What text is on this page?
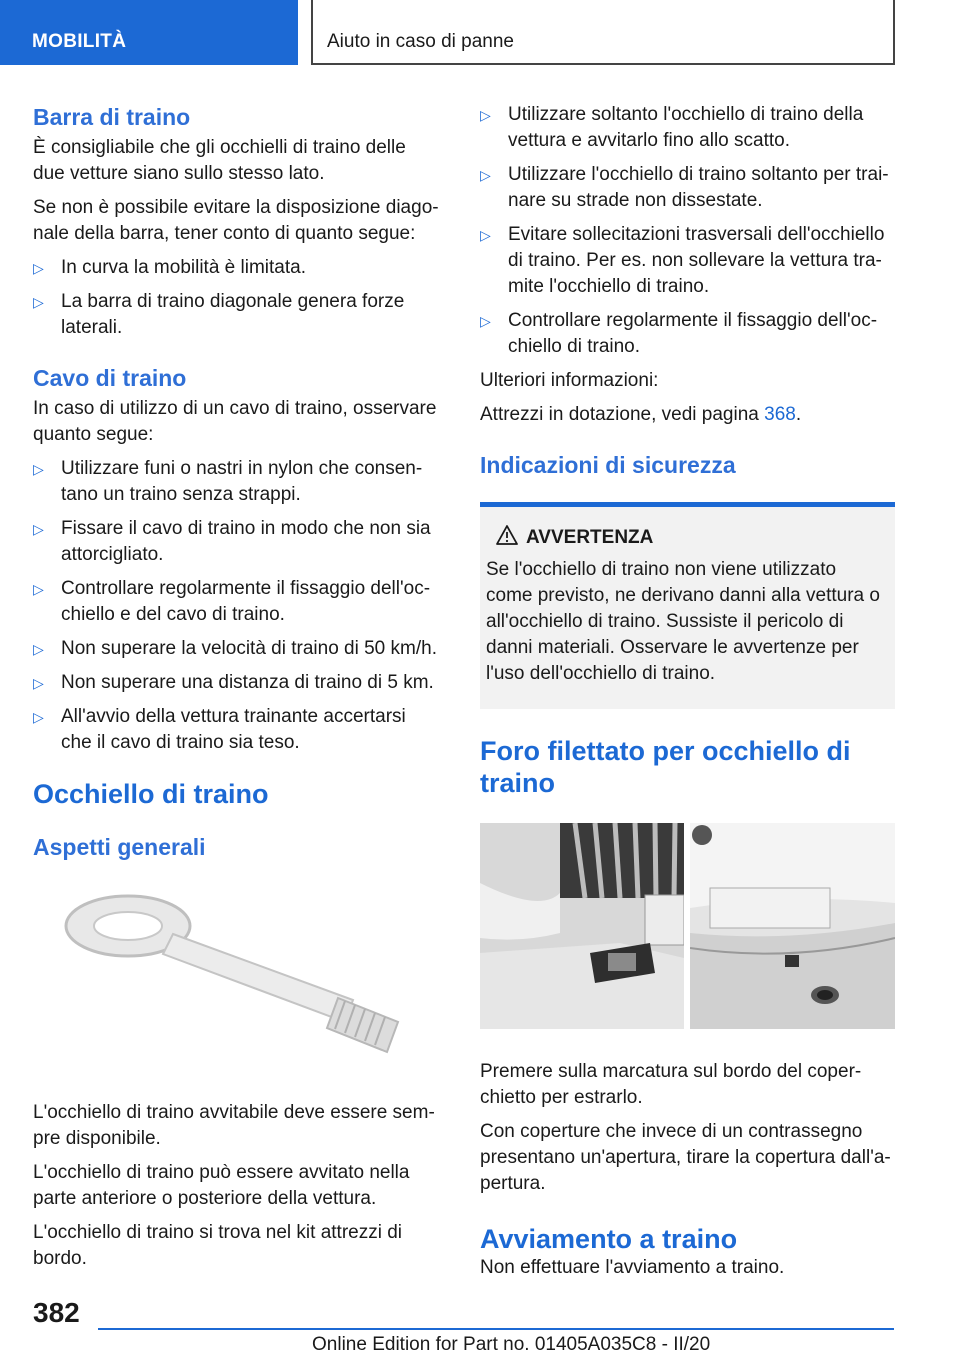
MOBILITÀ	Aiuto in caso di panne
Barra di traino

È consigliabile che gli occhielli di traino delle due vetture siano sullo stesso lato.

Se non è possibile evitare la disposizione diagonale della barra, tener conto di quanto segue:

▷ In curva la mobilità è limitata.
▷ La barra di traino diagonale genera forze laterali.
Cavo di traino

In caso di utilizzo di un cavo di traino, osservare quanto segue:

▷ Utilizzare funi o nastri in nylon che consentano un traino senza strappi.
▷ Fissare il cavo di traino in modo che non sia attorcigliato.
▷ Controllare regolarmente il fissaggio dell'occhiello e del cavo di traino.
▷ Non superare la velocità di traino di 50 km/h.
▷ Non superare una distanza di traino di 5 km.
▷ All'avvio della vettura trainante accertarsi che il cavo di traino sia teso.
Occhiello di traino
Aspetti generali

L'occhiello di traino avvitabile deve essere sempre disponibile.

L'occhiello di traino può essere avvitato nella parte anteriore o posteriore della vettura.

L'occhiello di traino si trova nel kit attrezzi di bordo.

▷ Utilizzare soltanto l'occhiello di traino della vettura e avvitarlo fino allo scatto.
▷ Utilizzare l'occhiello di traino soltanto per trainare su strade non dissestate.
▷ Evitare sollecitazioni trasversali dell'occhiello di traino. Per es. non sollevare la vettura tramite l'occhiello di traino.
▷ Controllare regolarmente il fissaggio dell'occhiello di traino.

Ulteriori informazioni:

Attrezzi in dotazione, vedi pagina 368.

Indicazioni di sicurezza
AVVERTENZA
Se l'occhiello di traino non viene utilizzato come previsto, ne derivano danni alla vettura o all'occhiello di traino. Sussiste il pericolo di danni materiali. Osservare le avvertenze per l'uso dell'occhiello di traino.
Foro filettato per occhiello di traino

Premere sulla marcatura sul bordo del coperchietto per estrarlo.

Con coperture che invece di un contrassegno presentano un'apertura, tirare la copertura dall'apertura.

Avviamento a traino

Non effettuare l'avviamento a traino.

382
Online Edition for Part no. 01405A035C8 - II/20
